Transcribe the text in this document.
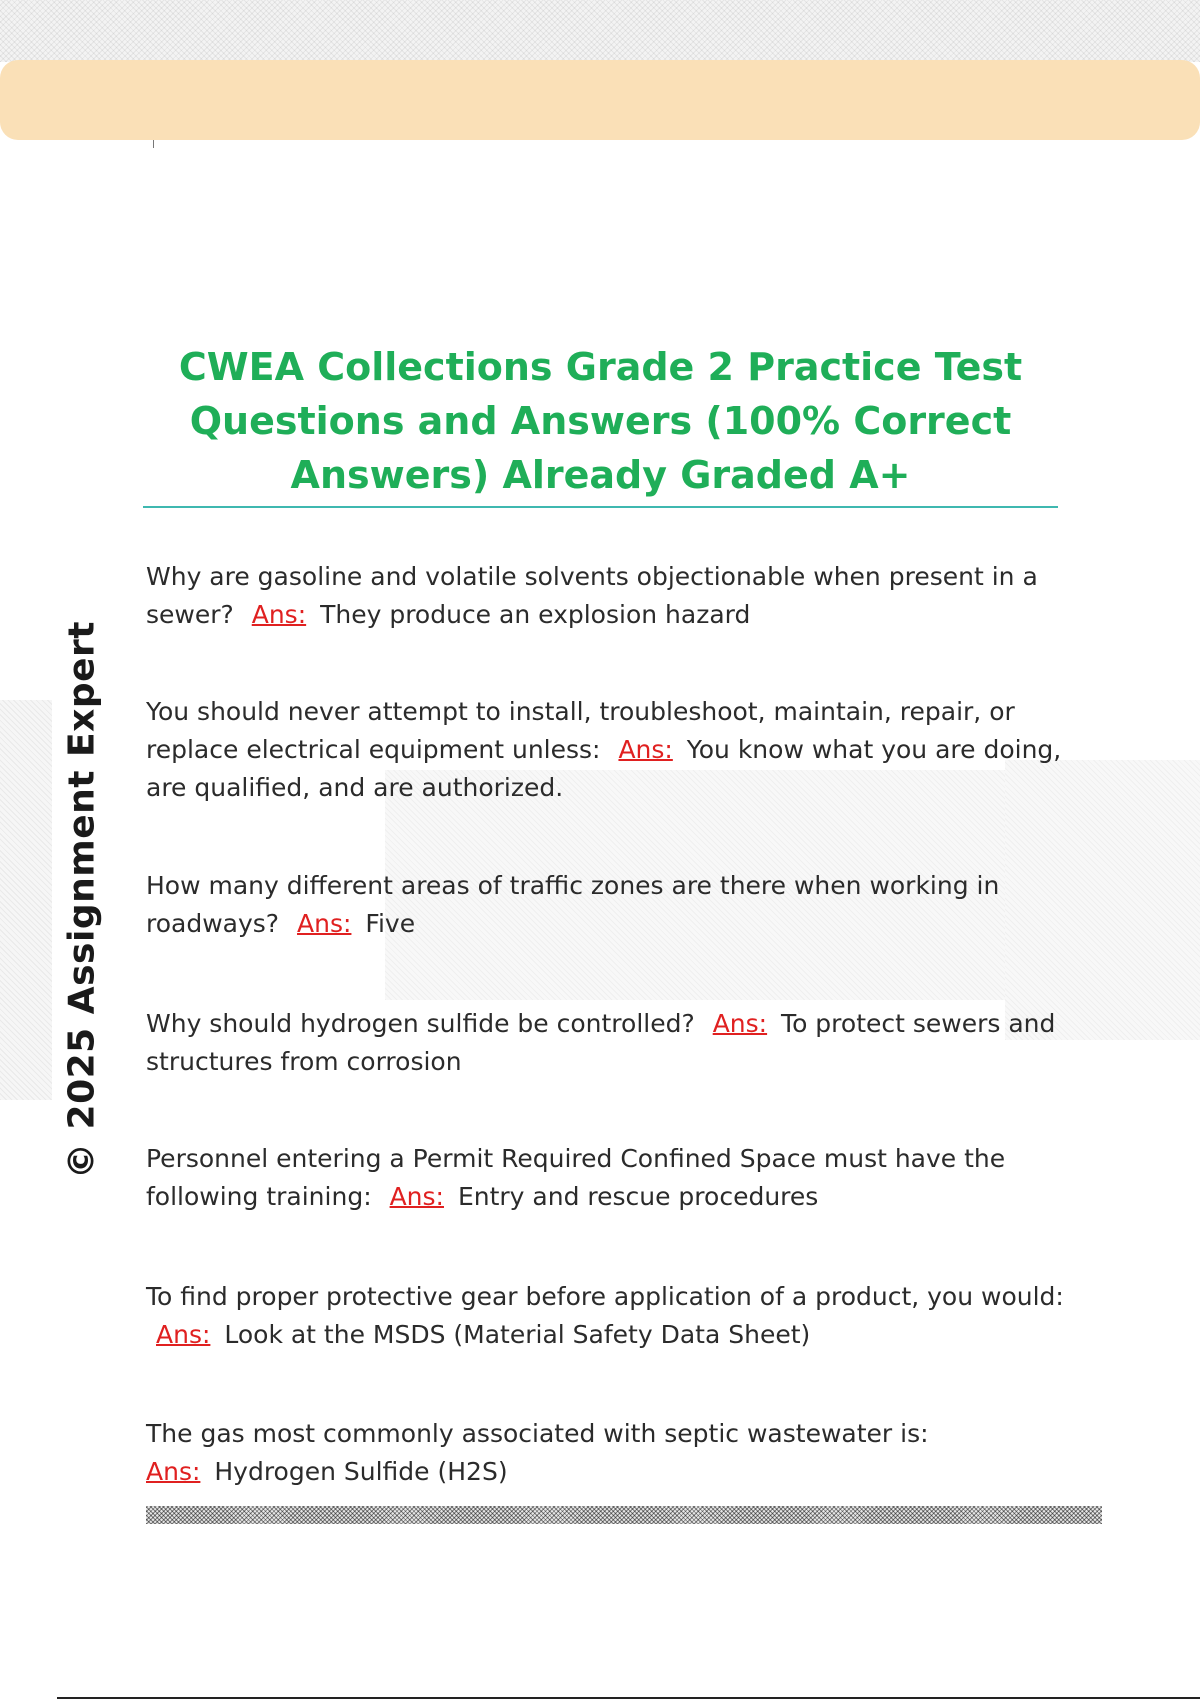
© 2025 Assignment Expert
CWEA Collections Grade 2 Practice Test Questions and Answers (100% Correct Answers) Already Graded A+

Why are gasoline and volatile solvents objectionable when present in a sewer? Ans: They produce an explosion hazard

You should never attempt to install, troubleshoot, maintain, repair, or replace electrical equipment unless: Ans: You know what you are doing, are qualified, and are authorized.

How many different areas of traffic zones are there when working in roadways? Ans: Five

Why should hydrogen sulfide be controlled? Ans: To protect sewers and structures from corrosion

Personnel entering a Permit Required Confined Space must have the following training: Ans: Entry and rescue procedures

To find proper protective gear before application of a product, you would: Ans: Look at the MSDS (Material Safety Data Sheet)

The gas most commonly associated with septic wastewater is:
Ans: Hydrogen Sulfide (H2S)
